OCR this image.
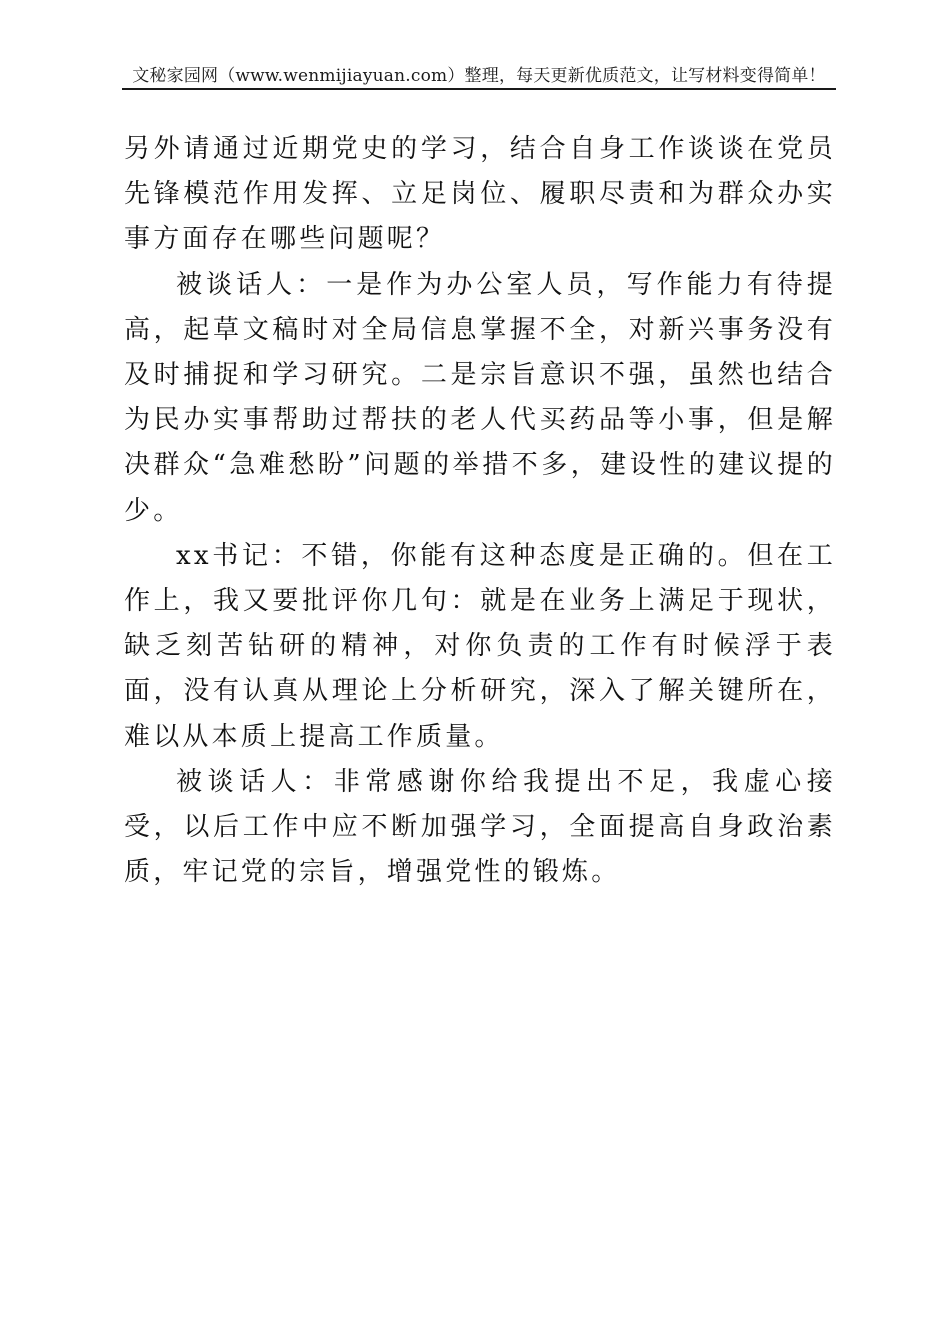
文秘家园网（www.wenmijiayuan.com）整理，每天更新优质范文，让写材料变得简单！

另外请通过近期党史的学习，结合自身工作谈谈在党员先锋模范作用发挥、立足岗位、履职尽责和为群众办实事方面存在哪些问题呢？

被谈话人：一是作为办公室人员，写作能力有待提高，起草文稿时对全局信息掌握不全，对新兴事务没有及时捕捉和学习研究。二是宗旨意识不强，虽然也结合为民办实事帮助过帮扶的老人代买药品等小事，但是解决群众“急难愁盼”问题的举措不多，建设性的建议提的少。

xx书记：不错，你能有这种态度是正确的。但在工作上，我又要批评你几句：就是在业务上满足于现状，缺乏刻苦钻研的精神，对你负责的工作有时候浮于表面，没有认真从理论上分析研究，深入了解关键所在，难以从本质上提高工作质量。

被谈话人：非常感谢你给我提出不足，我虚心接受，以后工作中应不断加强学习，全面提高自身政治素质，牢记党的宗旨，增强党性的锻炼。
